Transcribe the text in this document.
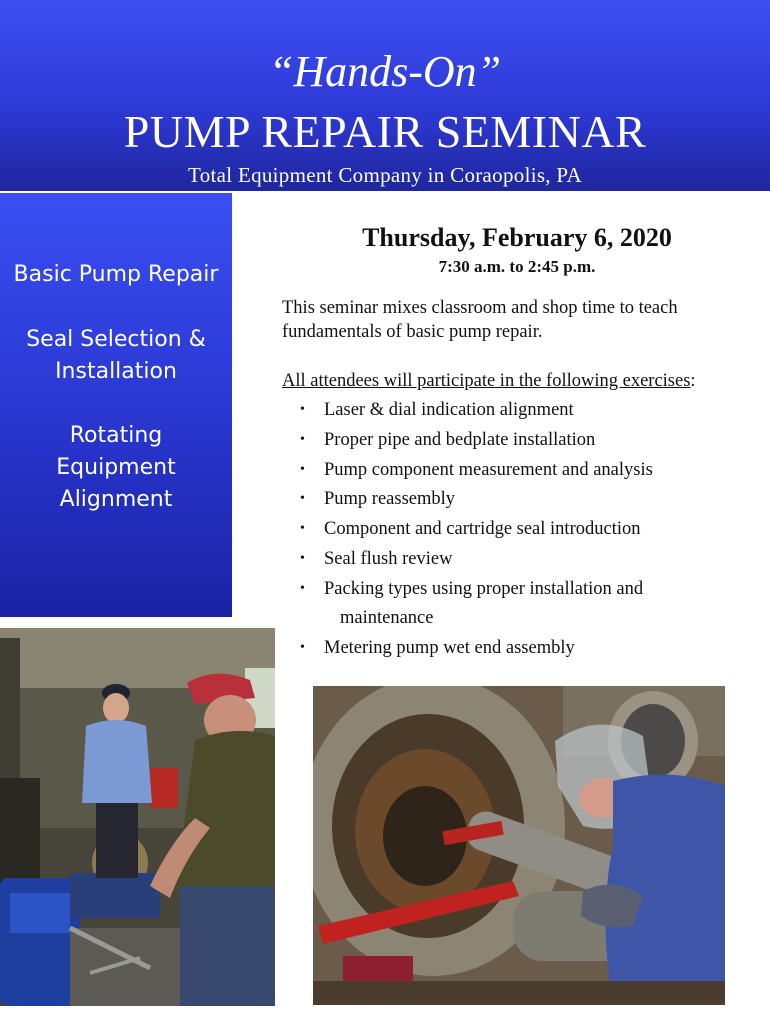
“Hands-On”
PUMP REPAIR SEMINAR
Total Equipment Company in Coraopolis, PA
Basic Pump Repair
Seal Selection &
Installation
Rotating
Equipment
Alignment
Thursday, February 6, 2020
7:30 a.m. to 2:45 p.m.
This seminar mixes classroom and shop time to teach
fundamentals of basic pump repair.
All attendees will participate in the following exercises:
• Laser & dial indication alignment
• Proper pipe and bedplate installation
• Pump component measurement and analysis
• Pump reassembly
• Component and cartridge seal introduction
• Seal flush review
• Packing types using proper installation and
maintenance
• Metering pump wet end assembly
